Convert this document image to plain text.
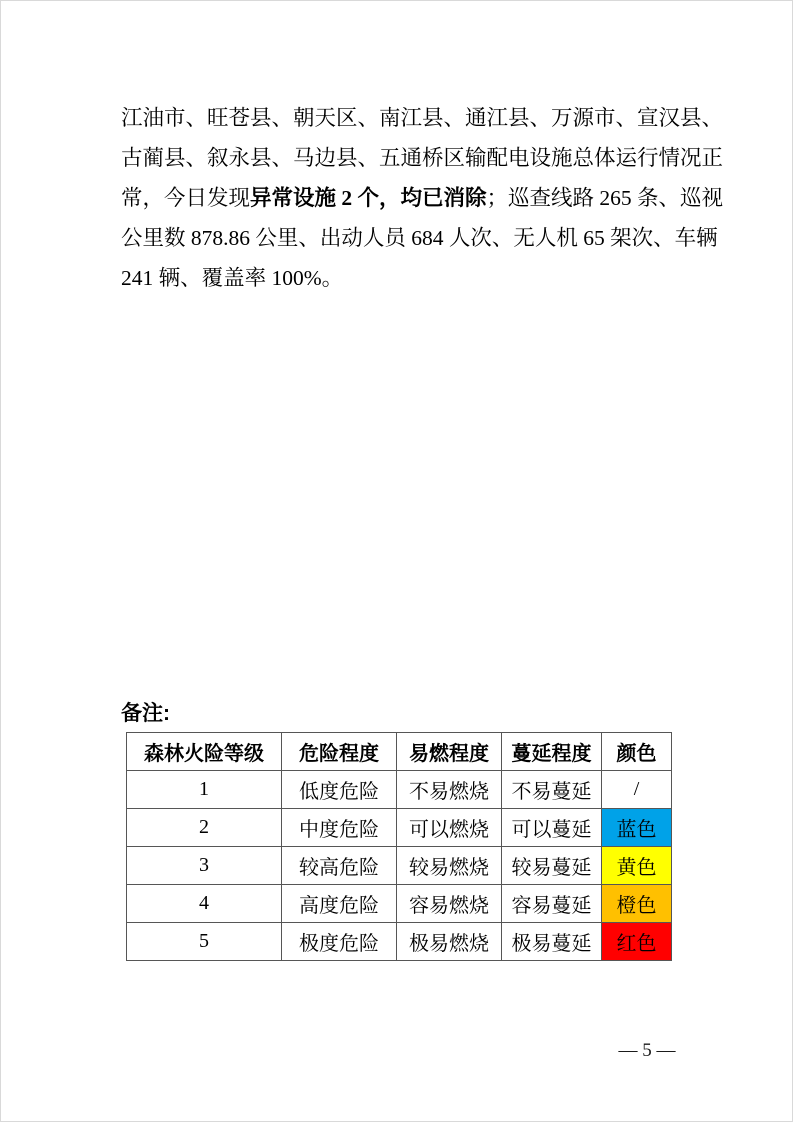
江油市、旺苍县、朝天区、南江县、通江县、万源市、宣汉县、
古蔺县、叙永县、马边县、五通桥区输配电设施总体运行情况正
常，今日发现异常设施 2 个，均已消除；巡查线路 265 条、巡视
公里数 878.86 公里、出动人员 684 人次、无人机 65 架次、车辆
241 辆、覆盖率 100%。
备注:
森林火险等级	危险程度	易燃程度	蔓延程度	颜色
1	低度危险	不易燃烧	不易蔓延	/
2	中度危险	可以燃烧	可以蔓延	蓝色
3	较高危险	较易燃烧	较易蔓延	黄色
4	高度危险	容易燃烧	容易蔓延	橙色
5	极度危险	极易燃烧	极易蔓延	红色
— 5 —
